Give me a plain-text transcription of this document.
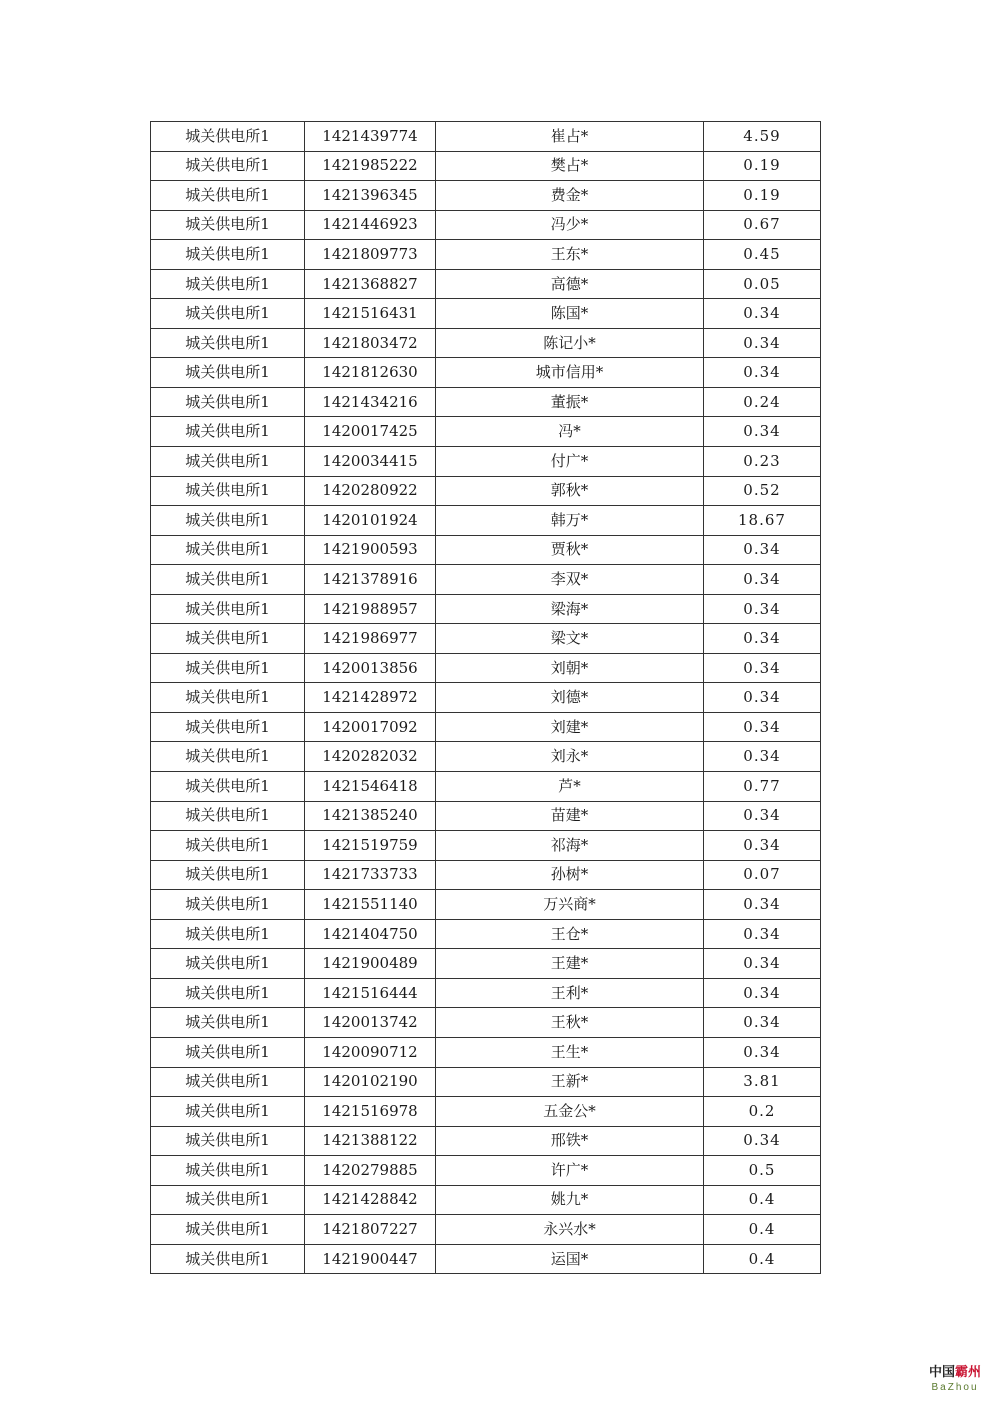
城关供电所1	1421439774	崔占*	4.59
城关供电所1	1421985222	樊占*	0.19
城关供电所1	1421396345	费金*	0.19
城关供电所1	1421446923	冯少*	0.67
城关供电所1	1421809773	王东*	0.45
城关供电所1	1421368827	高德*	0.05
城关供电所1	1421516431	陈国*	0.34
城关供电所1	1421803472	陈记小*	0.34
城关供电所1	1421812630	城市信用*	0.34
城关供电所1	1421434216	董振*	0.24
城关供电所1	1420017425	冯*	0.34
城关供电所1	1420034415	付广*	0.23
城关供电所1	1420280922	郭秋*	0.52
城关供电所1	1420101924	韩万*	18.67
城关供电所1	1421900593	贾秋*	0.34
城关供电所1	1421378916	李双*	0.34
城关供电所1	1421988957	梁海*	0.34
城关供电所1	1421986977	梁文*	0.34
城关供电所1	1420013856	刘朝*	0.34
城关供电所1	1421428972	刘德*	0.34
城关供电所1	1420017092	刘建*	0.34
城关供电所1	1420282032	刘永*	0.34
城关供电所1	1421546418	芦*	0.77
城关供电所1	1421385240	苗建*	0.34
城关供电所1	1421519759	祁海*	0.34
城关供电所1	1421733733	孙树*	0.07
城关供电所1	1421551140	万兴商*	0.34
城关供电所1	1421404750	王仓*	0.34
城关供电所1	1421900489	王建*	0.34
城关供电所1	1421516444	王利*	0.34
城关供电所1	1420013742	王秋*	0.34
城关供电所1	1420090712	王生*	0.34
城关供电所1	1420102190	王新*	3.81
城关供电所1	1421516978	五金公*	0.2
城关供电所1	1421388122	邢铁*	0.34
城关供电所1	1420279885	许广*	0.5
城关供电所1	1421428842	姚九*	0.4
城关供电所1	1421807227	永兴水*	0.4
城关供电所1	1421900447	运国*	0.4
中国霸州
BaZhou
